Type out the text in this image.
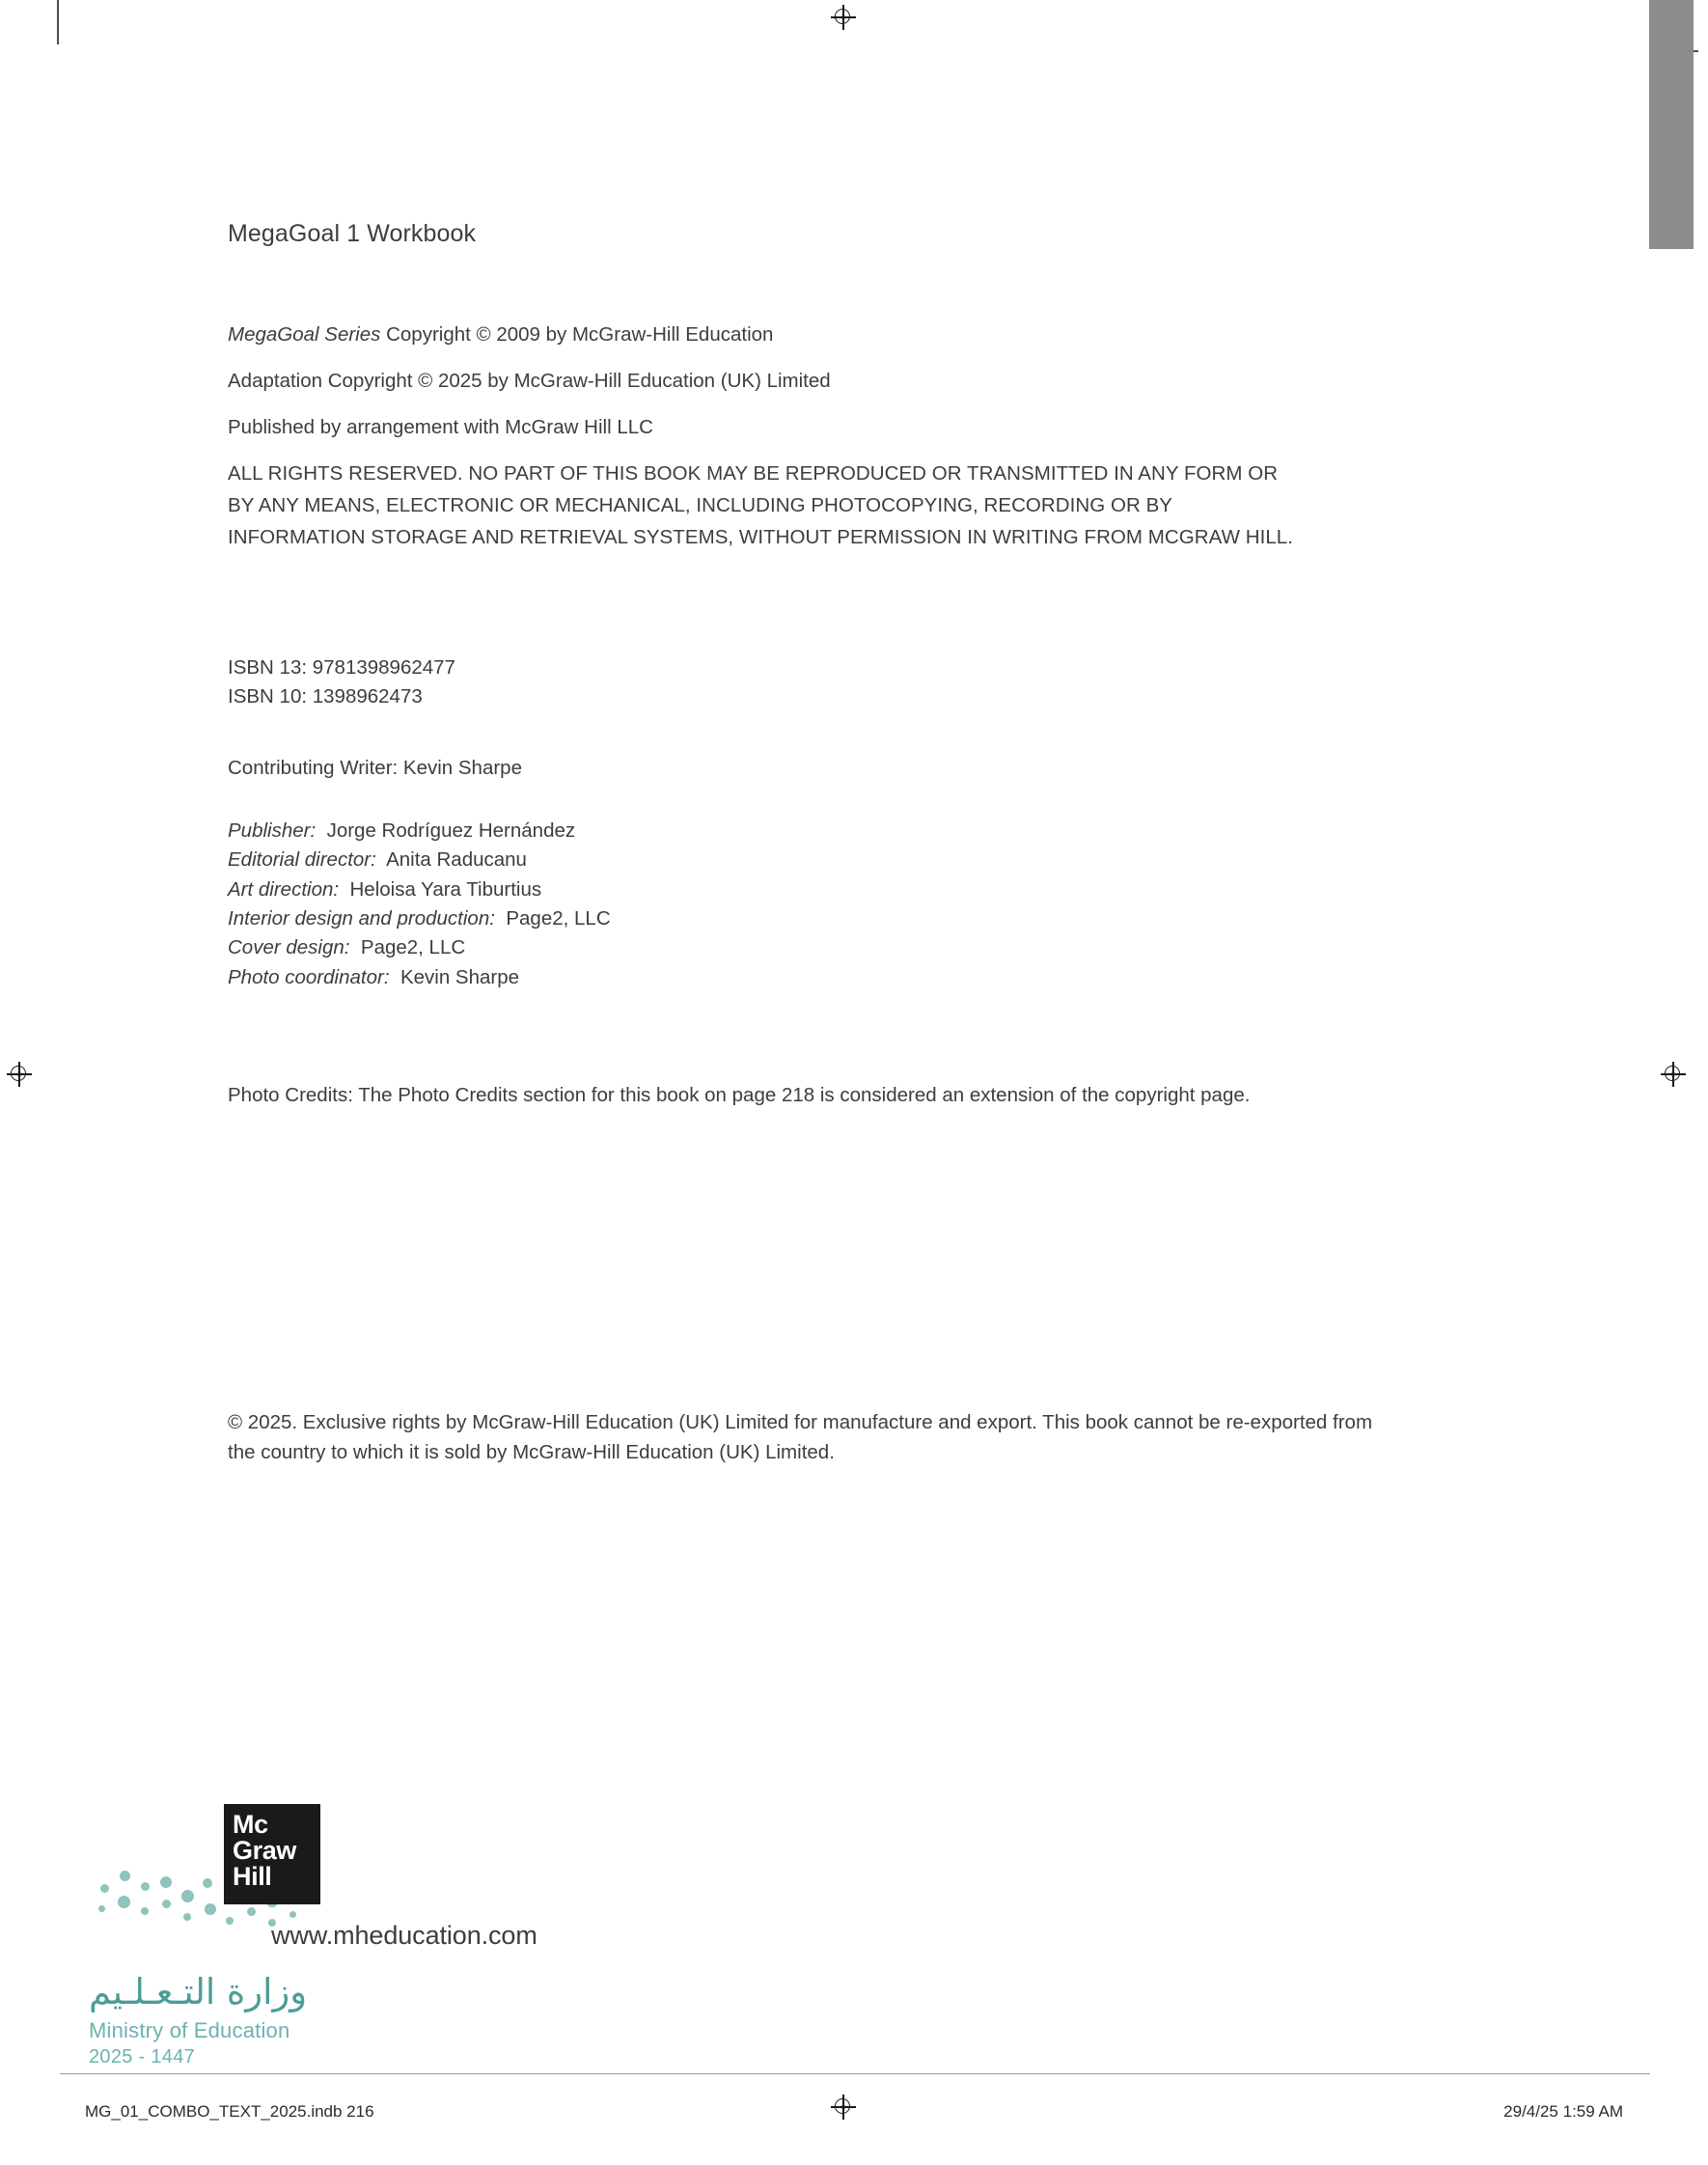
MegaGoal 1 Workbook
MegaGoal Series Copyright © 2009 by McGraw-Hill Education
Adaptation Copyright © 2025 by McGraw-Hill Education (UK) Limited
Published by arrangement with McGraw Hill LLC
ALL RIGHTS RESERVED. NO PART OF THIS BOOK MAY BE REPRODUCED OR TRANSMITTED IN ANY FORM OR BY ANY MEANS, ELECTRONIC OR MECHANICAL, INCLUDING PHOTOCOPYING, RECORDING OR BY INFORMATION STORAGE AND RETRIEVAL SYSTEMS, WITHOUT PERMISSION IN WRITING FROM MCGRAW HILL.
ISBN 13: 9781398962477
ISBN 10: 1398962473
Contributing Writer: Kevin Sharpe
Publisher: Jorge Rodríguez Hernández
Editorial director: Anita Raducanu
Art direction: Heloisa Yara Tiburtius
Interior design and production: Page2, LLC
Cover design: Page2, LLC
Photo coordinator: Kevin Sharpe
Photo Credits: The Photo Credits section for this book on page 218 is considered an extension of the copyright page.
© 2025. Exclusive rights by McGraw-Hill Education (UK) Limited for manufacture and export. This book cannot be re-exported from the country to which it is sold by McGraw-Hill Education (UK) Limited.
Mc
Graw
Hill
www.mheducation.com
وزارة التـعـلـيم
Ministry of Education
2025 - 1447
MG_01_COMBO_TEXT_2025.indb 216	29/4/25 1:59 AM
